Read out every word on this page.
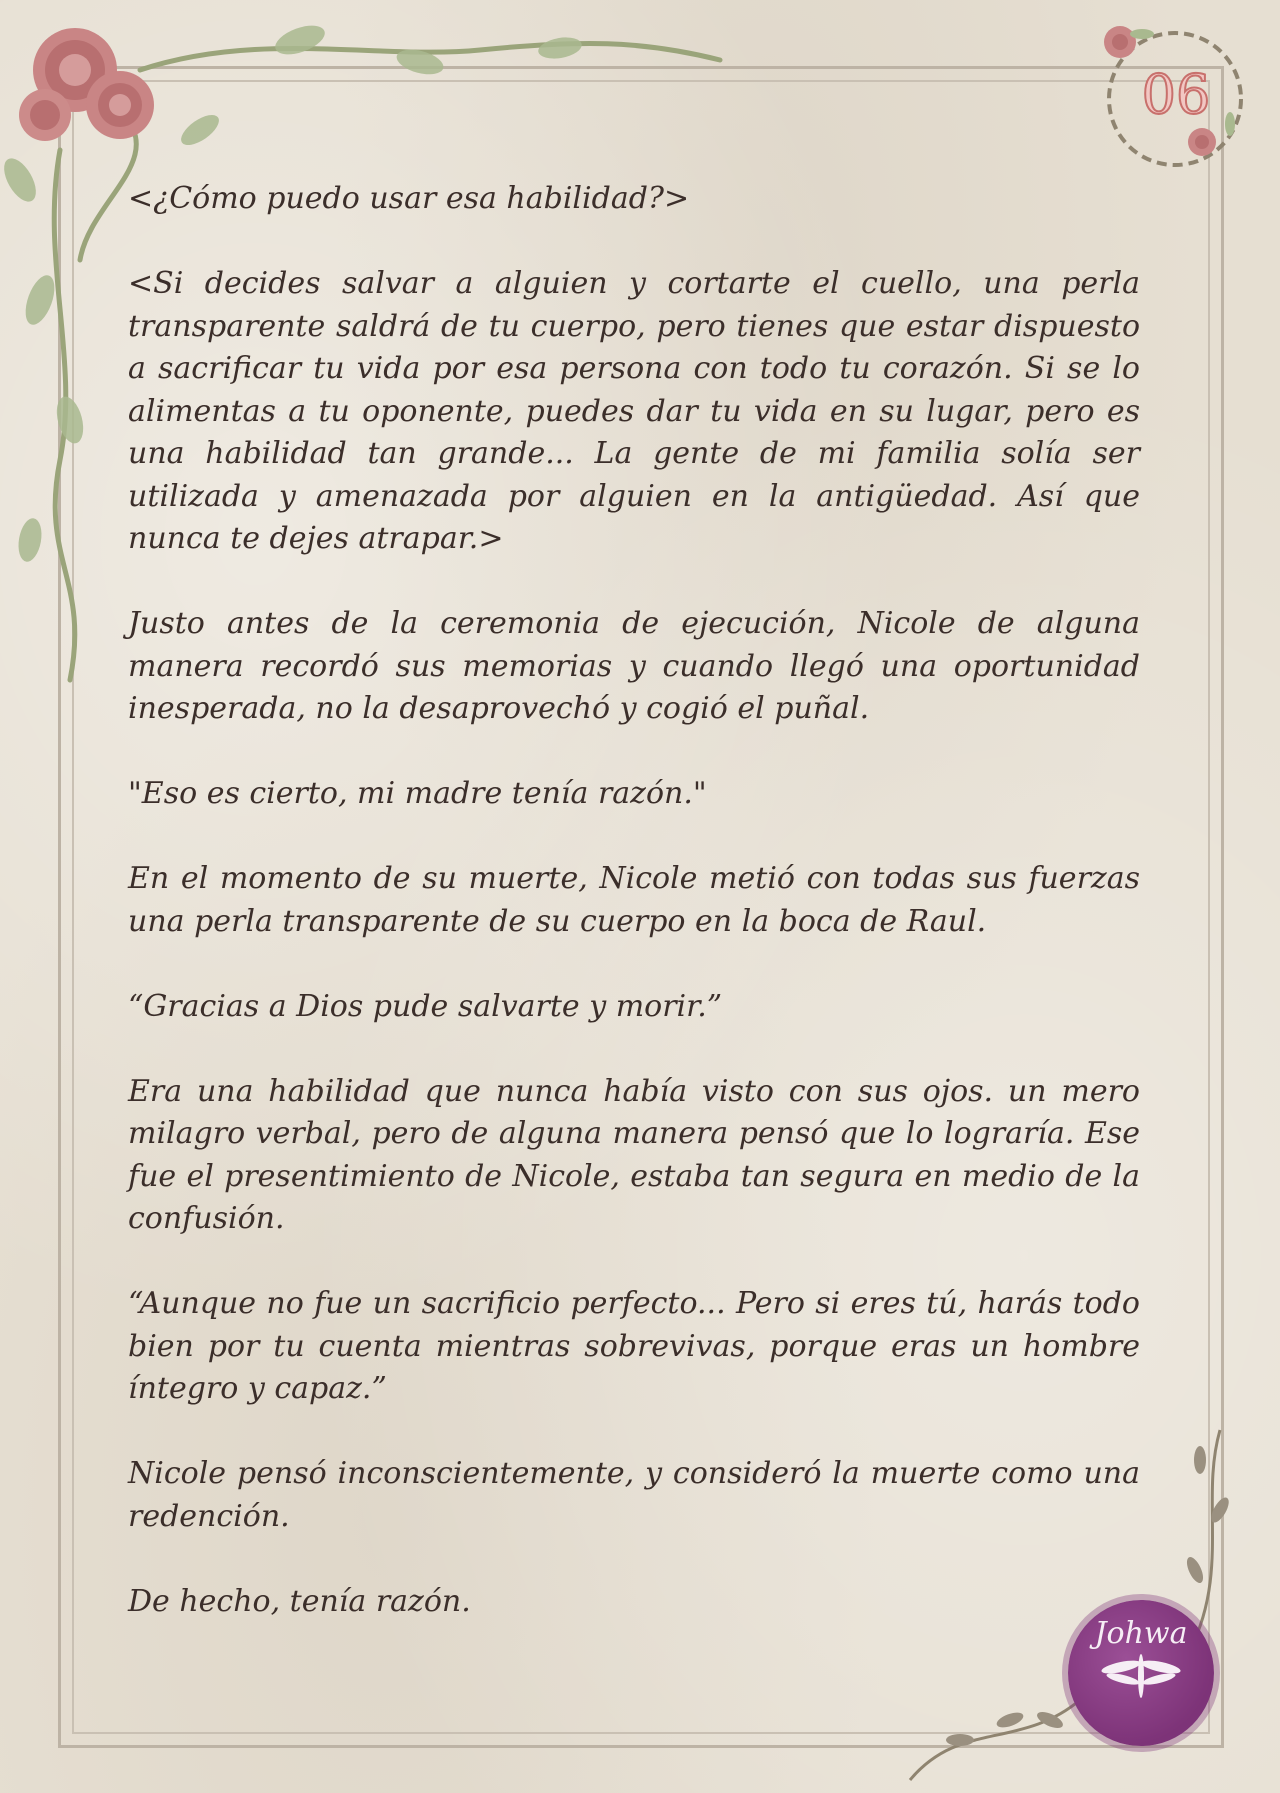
06

<¿Cómo puedo usar esa habilidad?>

<Si decides salvar a alguien y cortarte el cuello, una perla transparente saldrá de tu cuerpo, pero tienes que estar dispuesto a sacrificar tu vida por esa persona con todo tu corazón. Si se lo alimentas a tu oponente, puedes dar tu vida en su lugar, pero es una habilidad tan grande... La gente de mi familia solía ser utilizada y amenazada por alguien en la antigüedad. Así que nunca te dejes atrapar.>

Justo antes de la ceremonia de ejecución, Nicole de alguna manera recordó sus memorias y cuando llegó una oportunidad inesperada, no la desaprovechó y cogió el puñal.

"Eso es cierto, mi madre tenía razón."

En el momento de su muerte, Nicole metió con todas sus fuerzas una perla transparente de su cuerpo en la boca de Raul.

“Gracias a Dios pude salvarte y morir.”

Era una habilidad que nunca había visto con sus ojos. un mero milagro verbal, pero de alguna manera pensó que lo lograría. Ese fue el presentimiento de Nicole, estaba tan segura en medio de la confusión.

“Aunque no fue un sacrificio perfecto... Pero si eres tú, harás todo bien por tu cuenta mientras sobrevivas, porque eras un hombre íntegro y capaz.”

Nicole pensó inconscientemente, y consideró la muerte como una redención.

De hecho, tenía razón.

Johwa
